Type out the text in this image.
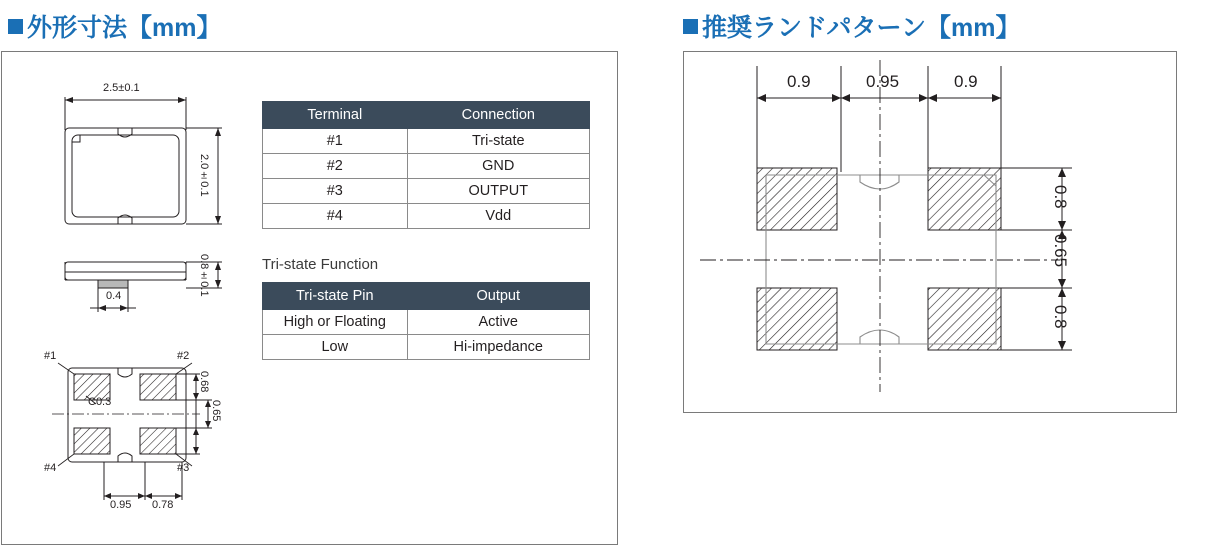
外形寸法【mm】	推奨ランドパターン【mm】
2.5±0.1
2.0±0.1
0.4	0.8±0.1
#1	#2
#3
#4
C0.3
0.68
0.65
0.95 0.78
Terminal	Connection
#1	Tri-state
#2	GND
#3	OUTPUT
#4	Vdd
Tri-state Function
Tri-state Pin	Output
High or Floating	Active
Low	Hi-impedance
0.9	0.95	0.9
0.8
0.65
0.8
